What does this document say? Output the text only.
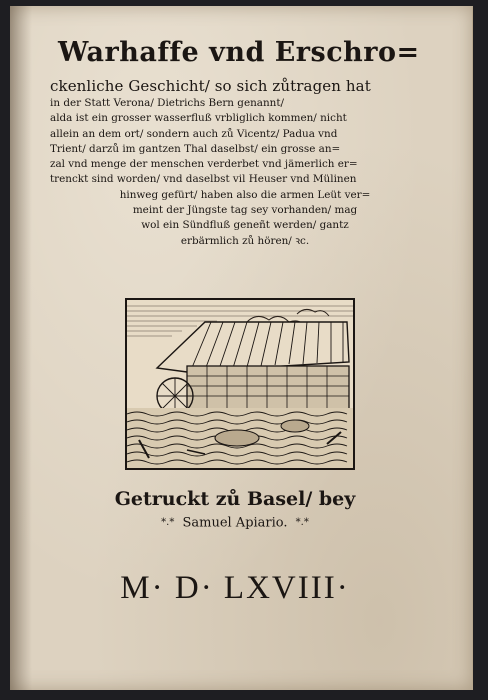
Warhaffe vnd Erschro=
ckenliche Geschicht/ so sich zůtragen hat
in der Statt Verona/ Dietrichs Bern genannt/
alda ist ein grosser wasserfluß vrbliglich kommen/ nicht
allein an dem ort/ sondern auch zů Vicentz/ Padua vnd
Trient/ darzů im gantzen Thal daselbst/ ein grosse an=
zal vnd menge der menschen verderbet vnd jämerlich er=
trenckt sind worden/ vnd daselbst vil Heuser vnd Mülinen
hinweg gefürt/ haben also die armen Leüt ver=
meint der Jüngste tag sey vorhanden/ mag
wol ein Sündfluß geneñt werden/ gantz
erbärmlich zů hören/ ꝛc.
Getruckt zů Basel/ bey
*.* Samuel Apiario. *.*
M· D· LXVIII·
